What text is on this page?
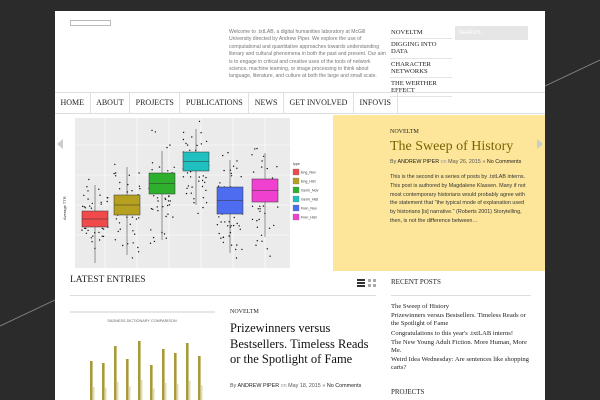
Welcome to .txtLAB, a digital humanities laboratory at McGill University directed by Andrew Piper. We explore the use of computational and quantitative approaches towards understanding literary and cultural phenomena in both the past and present. Our aim is to engage in critical and creative uses of the tools of network science, machine learning, or image processing to think about language, literature, and culture at both the large and small scale.
NOVELTM
DIGGING INTO DATA
CHARACTER NETWORKS
THE WERTHER EFFECT
SEARCH...
HOME	ABOUT	PROJECTS	PUBLICATIONS	NEWS	GET INVOLVED	INFOVIS
Average TTR
type
Eng_Nov
Eng_Hist
Germ_Nov
Germ_Hist
Fren_Nov
Fren_Hist
NOVELTM
The Sweep of History
By ANDREW PIPER on May 26, 2015 » No Comments
This is the second in a series of posts by .txtLAB interns. This post is authored by Magdalene Klassen. Many if not most contemporary historians would probably agree with the statement that "the typical mode of explanation used by historians [is] narrative." (Roberts 2001) Storytelling, then, is not the difference between…
LATEST ENTRIES
SADNESS DICTIONARY COMPARISON
NOVELTM
Prizewinners versus Bestsellers. Timeless Reads or the Spotlight of Fame
By ANDREW PIPER on May 18, 2015 » No Comments
RECENT POSTS
The Sweep of History
Prizewinners versus Bestsellers. Timeless Reads or the Spotlight of Fame
Congratulations to this year's .txtLAB interns!
The New Young Adult Fiction. More Human, More Me.
Weird Idea Wednesday: Are sentences like shopping carts?
PROJECTS
